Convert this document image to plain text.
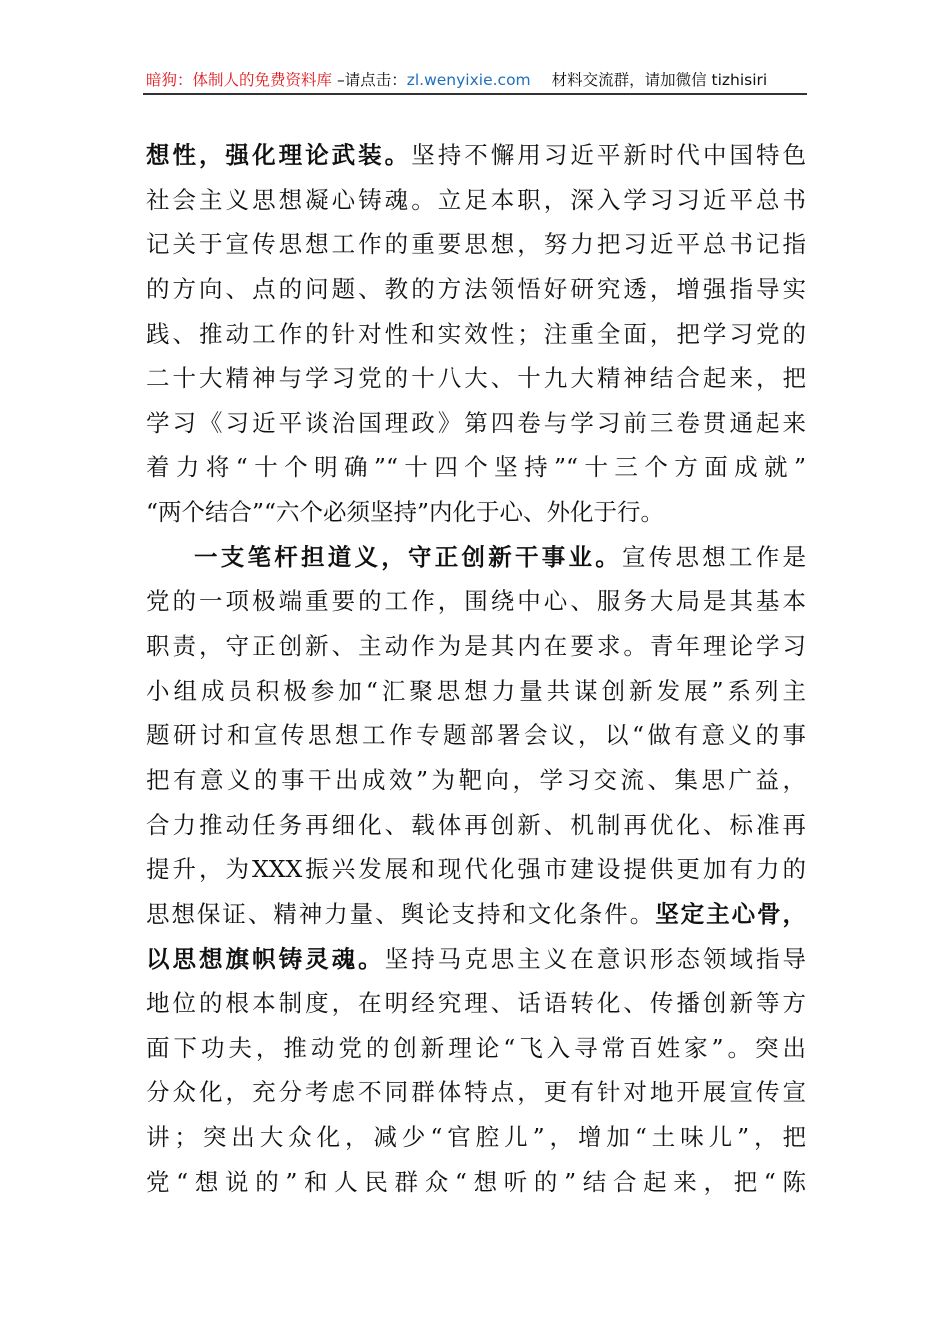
暗狗：体制人的免费资料库 –请点击：zl.wenyixie.com 材料交流群，请加微信 tizhisiri
想性，强化理论武装。坚持不懈用习近平新时代中国特色
社会主义思想凝心铸魂。立足本职，深入学习习近平总书
记关于宣传思想工作的重要思想，努力把习近平总书记指
的方向、点的问题、教的方法领悟好研究透，增强指导实
践、推动工作的针对性和实效性；注重全面，把学习党的
二十大精神与学习党的十八大、十九大精神结合起来，把
学习《习近平谈治国理政》第四卷与学习前三卷贯通起来
着力将“十个明确”“十四个坚持”“十三个方面成就”
“两个结合”“六个必须坚持”内化于心、外化于行。
一支笔杆担道义，守正创新干事业。宣传思想工作是
党的一项极端重要的工作，围绕中心、服务大局是其基本
职责，守正创新、主动作为是其内在要求。青年理论学习
小组成员积极参加“汇聚思想力量共谋创新发展”系列主
题研讨和宣传思想工作专题部署会议，以“做有意义的事
把有意义的事干出成效”为靶向，学习交流、集思广益，
合力推动任务再细化、载体再创新、机制再优化、标准再
提升，为XXX振兴发展和现代化强市建设提供更加有力的
思想保证、精神力量、舆论支持和文化条件。坚定主心骨，
以思想旗帜铸灵魂。坚持马克思主义在意识形态领域指导
地位的根本制度，在明经究理、话语转化、传播创新等方
面下功夫，推动党的创新理论“飞入寻常百姓家”。突出
分众化，充分考虑不同群体特点，更有针对地开展宣传宣
讲；突出大众化，减少“官腔儿”，增加“土味儿”，把
党“想说的”和人民群众“想听的”结合起来，把“陈
